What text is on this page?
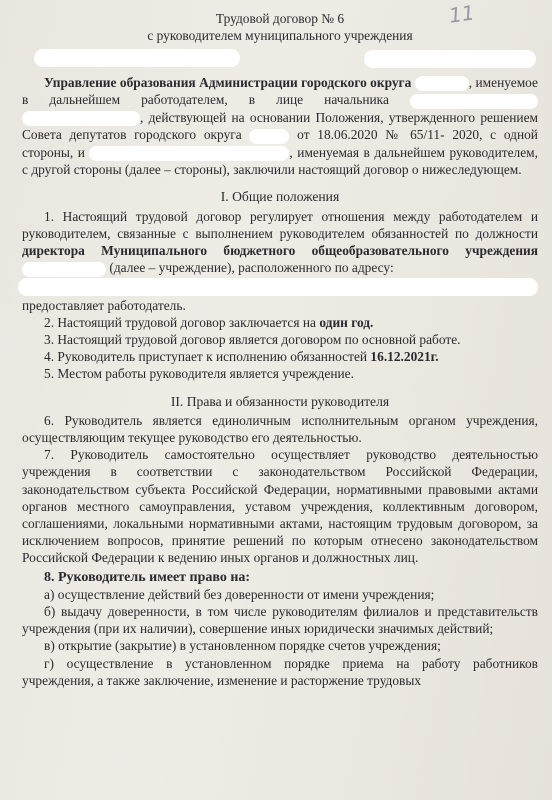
11
Трудовой договор № 6
с руководителем муниципального учреждения

Управление образования Администрации городского округа	, именуемое в дальнейшем работодателем, в лице начальника  , действующей на основании Положения, утвержденного решением Совета депутатов городского округа	от 18.06.2020 № 65/11- 2020, с одной стороны, и	, именуемая в дальнейшем руководителем, с другой стороны (далее – стороны), заключили настоящий договор о нижеследующем.

I. Общие положения

1. Настоящий трудовой договор регулирует отношения между работодателем и руководителем, связанные с выполнением руководителем обязанностей по должности директора Муниципального бюджетного общеобразовательного учреждения  (далее – учреждение), расположенного по адресу:

предоставляет работодатель.

2. Настоящий трудовой договор заключается на один год.

3. Настоящий трудовой договор является договором по основной работе.

4. Руководитель приступает к исполнению обязанностей 16.12.2021г.

5. Местом работы руководителя является учреждение.

II. Права и обязанности руководителя

6. Руководитель является единоличным исполнительным органом учреждения, осуществляющим текущее руководство его деятельностью.

7. Руководитель самостоятельно осуществляет руководство деятельностью учреждения в соответствии с законодательством Российской Федерации, законодательством субъекта Российской Федерации, нормативными правовыми актами органов местного самоуправления, уставом учреждения, коллективным договором, соглашениями, локальными нормативными актами, настоящим трудовым договором, за исключением вопросов, принятие решений по которым отнесено законодательством Российской Федерации к ведению иных органов и должностных лиц.

8. Руководитель имеет право на:

а) осуществление действий без доверенности от имени учреждения;

б) выдачу доверенности, в том числе руководителям филиалов и представительств учреждения (при их наличии), совершение иных юридически значимых действий;

в) открытие (закрытие) в установленном порядке счетов учреждения;

г) осуществление в установленном порядке приема на работу работников учреждения, а также заключение, изменение и расторжение трудовых
